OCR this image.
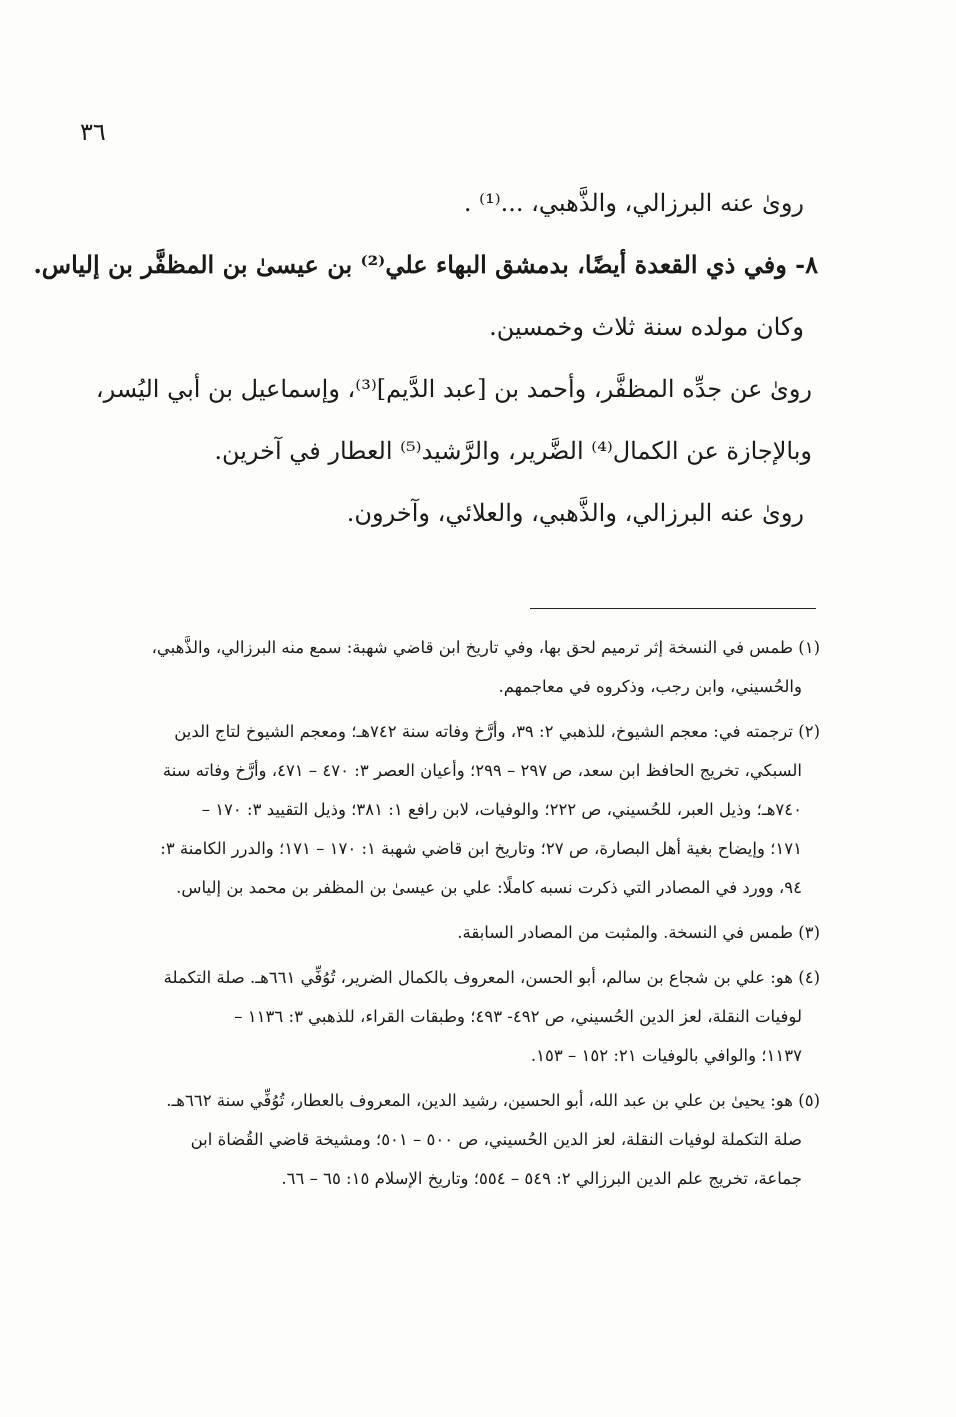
٣٦
روىٰ عنه البرزالي، والذَّهبي، ...⁽¹⁾ .
٨- وفي ذي القعدة أيضًا، بدمشق البهاء علي⁽²⁾ بن عيسىٰ بن المظفَّر بن إلياس.
وكان مولده سنة ثلاث وخمسين.
روىٰ عن جدِّه المظفَّر، وأحمد بن [عبد الدَّيم]⁽³⁾، وإسماعيل بن أبي اليُسر،
وبالإجازة عن الكمال⁽⁴⁾ الضَّرير، والرَّشيد⁽⁵⁾ العطار في آخرين.
روىٰ عنه البرزالي، والذَّهبي، والعلائي، وآخرون.
(١) طمس في النسخة إثر ترميم لحق بها، وفي تاريخ ابن قاضي شهبة: سمع منه البرزالي، والذَّهبي،
والحُسيني، وابن رجب، وذكروه في معاجمهم.
(٢) ترجمته في: معجم الشيوخ، للذهبي ٢: ٣٩، وأرَّخ وفاته سنة ٧٤٢هـ؛ ومعجم الشيوخ لتاج الدين
السبكي، تخريج الحافظ ابن سعد، ص ٢٩٧ – ٢٩٩؛ وأعيان العصر ٣: ٤٧٠ – ٤٧١، وأرَّخ وفاته سنة
٧٤٠هـ؛ وذيل العبر، للحُسيني، ص ٢٢٢؛ والوفيات، لابن رافع ١: ٣٨١؛ وذيل التقييد ٣: ١٧٠ –
١٧١؛ وإيضاح بغية أهل البصارة، ص ٢٧؛ وتاريخ ابن قاضي شهبة ١: ١٧٠ – ١٧١؛ والدرر الكامنة ٣:
٩٤، وورد في المصادر التي ذكرت نسبه كاملًا: علي بن عيسىٰ بن المظفر بن محمد بن إلياس.
(٣) طمس في النسخة. والمثبت من المصادر السابقة.
(٤) هو: علي بن شجاع بن سالم، أبو الحسن، المعروف بالكمال الضرير، تُوُفِّي ٦٦١هـ. صلة التكملة
لوفيات النقلة، لعز الدين الحُسيني، ص ٤٩٢- ٤٩٣؛ وطبقات القراء، للذهبي ٣: ١١٣٦ –
١١٣٧؛ والوافي بالوفيات ٢١: ١٥٢ – ١٥٣.
(٥) هو: يحيىٰ بن علي بن عبد الله، أبو الحسين، رشيد الدين، المعروف بالعطار، تُوُفِّي سنة ٦٦٢هـ.
صلة التكملة لوفيات النقلة، لعز الدين الحُسيني، ص ٥٠٠ – ٥٠١؛ ومشيخة قاضي القُضاة ابن
جماعة، تخريج علم الدين البرزالي ٢: ٥٤٩ – ٥٥٤؛ وتاريخ الإسلام ١٥: ٦٥ – ٦٦.
